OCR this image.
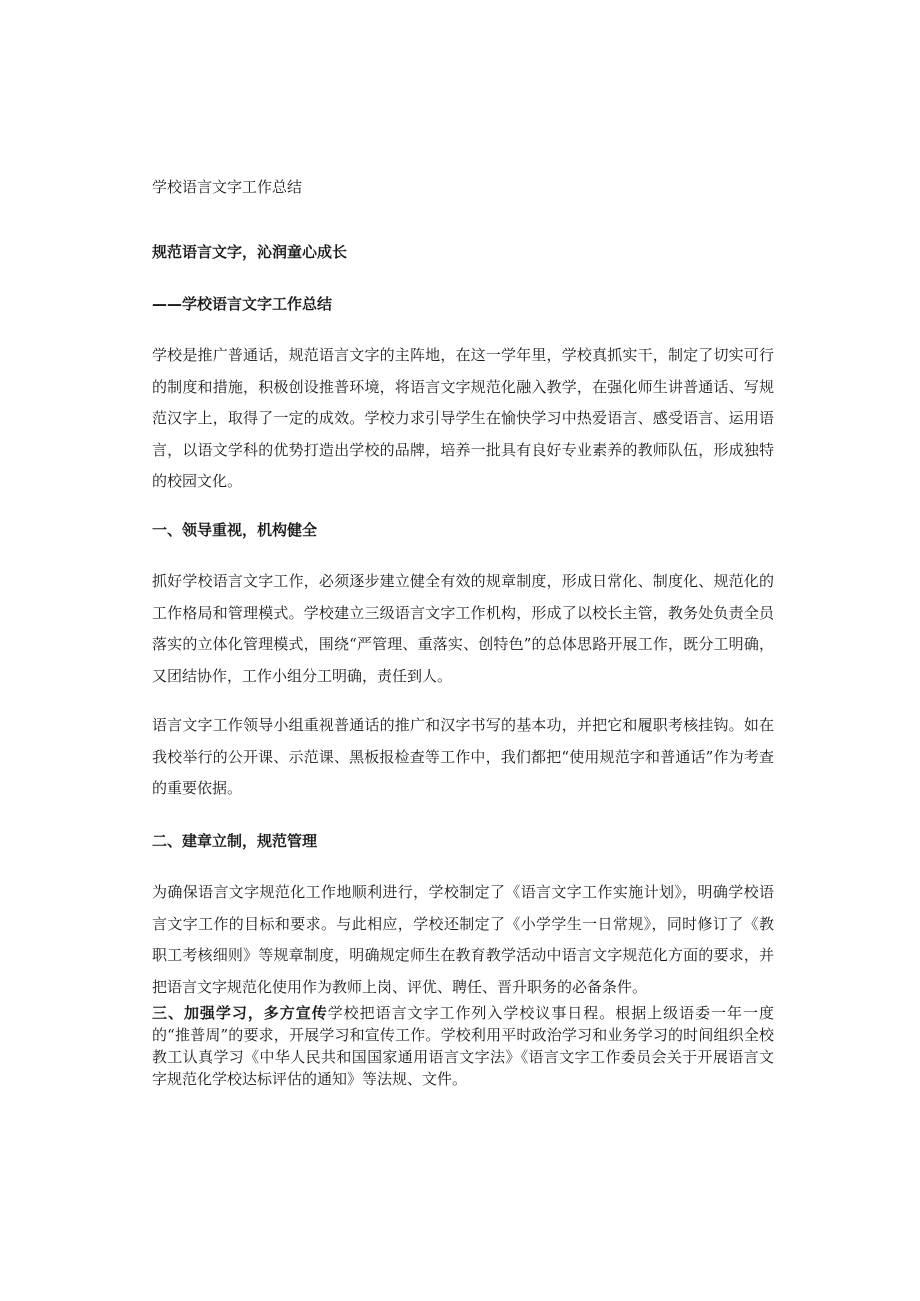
学校语言文字工作总结
规范语言文字，沁润童心成长
——学校语言文字工作总结
学校是推广普通话，规范语言文字的主阵地，在这一学年里，学校真抓实干，制定了切实可行的制度和措施，积极创设推普环境，将语言文字规范化融入教学，在强化师生讲普通话、写规范汉字上，取得了一定的成效。学校力求引导学生在愉快学习中热爱语言、感受语言、运用语言，以语文学科的优势打造出学校的品牌，培养一批具有良好专业素养的教师队伍，形成独特的校园文化。
一、领导重视，机构健全
抓好学校语言文字工作，必须逐步建立健全有效的规章制度，形成日常化、制度化、规范化的工作格局和管理模式。学校建立三级语言文字工作机构，形成了以校长主管，教务处负责全员落实的立体化管理模式，围绕“严管理、重落实、创特色”的总体思路开展工作，既分工明确，又团结协作，工作小组分工明确，责任到人。
语言文字工作领导小组重视普通话的推广和汉字书写的基本功，并把它和履职考核挂钩。如在我校举行的公开课、示范课、黑板报检查等工作中，我们都把“使用规范字和普通话”作为考查的重要依据。
二、建章立制，规范管理
为确保语言文字规范化工作地顺利进行，学校制定了《语言文字工作实施计划》，明确学校语言文字工作的目标和要求。与此相应，学校还制定了《小学学生一日常规》，同时修订了《教职工考核细则》等规章制度，明确规定师生在教育教学活动中语言文字规范化方面的要求，并把语言文字规范化使用作为教师上岗、评优、聘任、晋升职务的必备条件。
三、加强学习，多方宣传学校把语言文字工作列入学校议事日程。根据上级语委一年一度的“推普周”的要求，开展学习和宣传工作。学校利用平时政治学习和业务学习的时间组织全校教工认真学习《中华人民共和国国家通用语言文字法》《语言文字工作委员会关于开展语言文字规范化学校达标评估的通知》等法规、文件。
